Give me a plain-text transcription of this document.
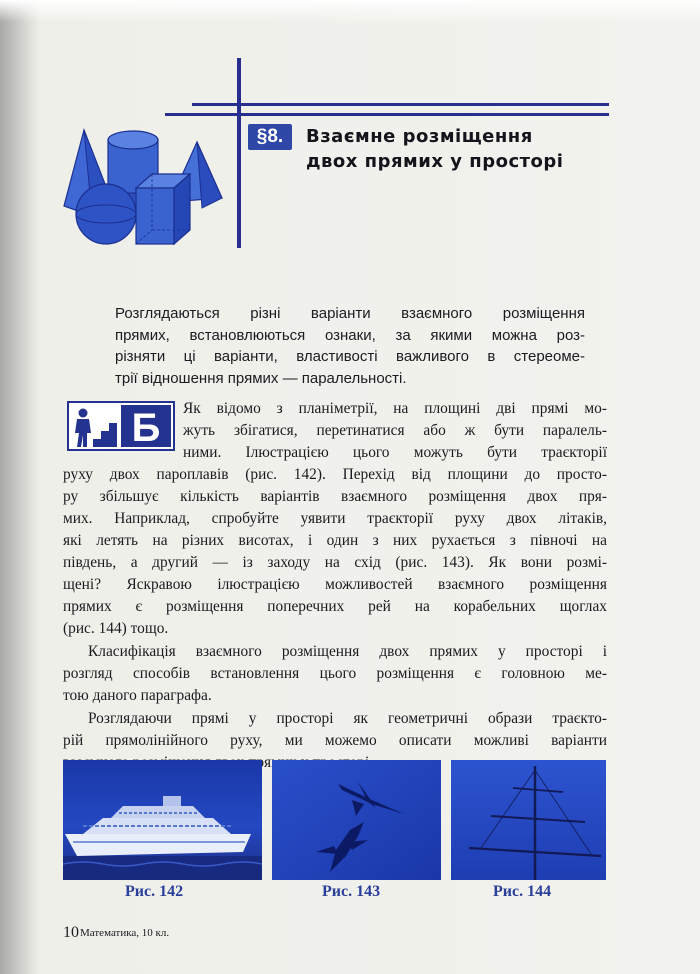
§8.	Взаємне розміщення
двох прямих у просторі
Розглядаються різні варіанти взаємного розміщення
прямих, встановлюються ознаки, за якими можна роз-
різняти ці варіанти, властивості важливого в стереоме-
трії відношення прямих — паралельності.
Б Як відомо з планіметрії, на площині дві прямі мо-
жуть збігатися, перетинатися або ж бути паралель-
ними. Ілюстрацією цього можуть бути траєкторії
руху двох пароплавів (рис. 142). Перехід від площини до просто-
ру збільшує кількість варіантів взаємного розміщення двох пря-
мих. Наприклад, спробуйте уявити траєкторії руху двох літаків,
які летять на різних висотах, і один з них рухається з півночі на
південь, а другий — із заходу на схід (рис. 143). Як вони розмі-
щені? Яскравою ілюстрацією можливостей взаємного розміщення
прямих є розміщення поперечних рей на корабельних щоглах
(рис. 144) тощо.
Класифікація взаємного розміщення двох прямих у просторі і
розгляд способів встановлення цього розміщення є головною ме-
тою даного параграфа.
Розглядаючи прямі у просторі як геометричні образи траєкто-
рій прямолінійного руху, ми можемо описати можливі варіанти
Рис. 142	Рис. 143	Рис. 144
10 Математика, 10 кл.
